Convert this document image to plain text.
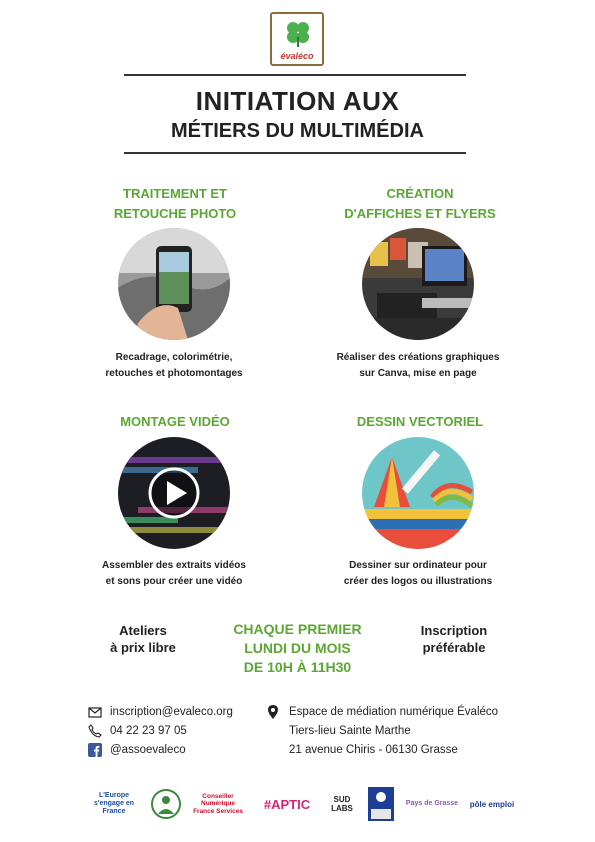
évaléco
INITIATION AUX
MÉTIERS DU MULTIMÉDIA
TRAITEMENT ET
RETOUCHE PHOTO
Recadrage, colorimétrie,
retouches et photomontages
CRÉATION
D'AFFICHES ET FLYERS
Réaliser des créations graphiques
sur Canva, mise en page
MONTAGE VIDÉO
Assembler des extraits vidéos
et sons pour créer une vidéo
DESSIN VECTORIEL
Dessiner sur ordinateur pour
créer des logos ou illustrations
Ateliers
à prix libre
CHAQUE PREMIER
LUNDI DU MOIS
DE 10H À 11H30
Inscription
préférable
inscription@evaleco.org
04 22 23 97 05
@assoevaleco
Espace de médiation numérique Évaléco
Tiers-lieu Sainte Marthe
21 avenue Chiris - 06130 Grasse
L'Europe s'engage en France
Conseiller Numérique France Services #APTIC	SUD LABS
Pays de Grasse pôle emploi
